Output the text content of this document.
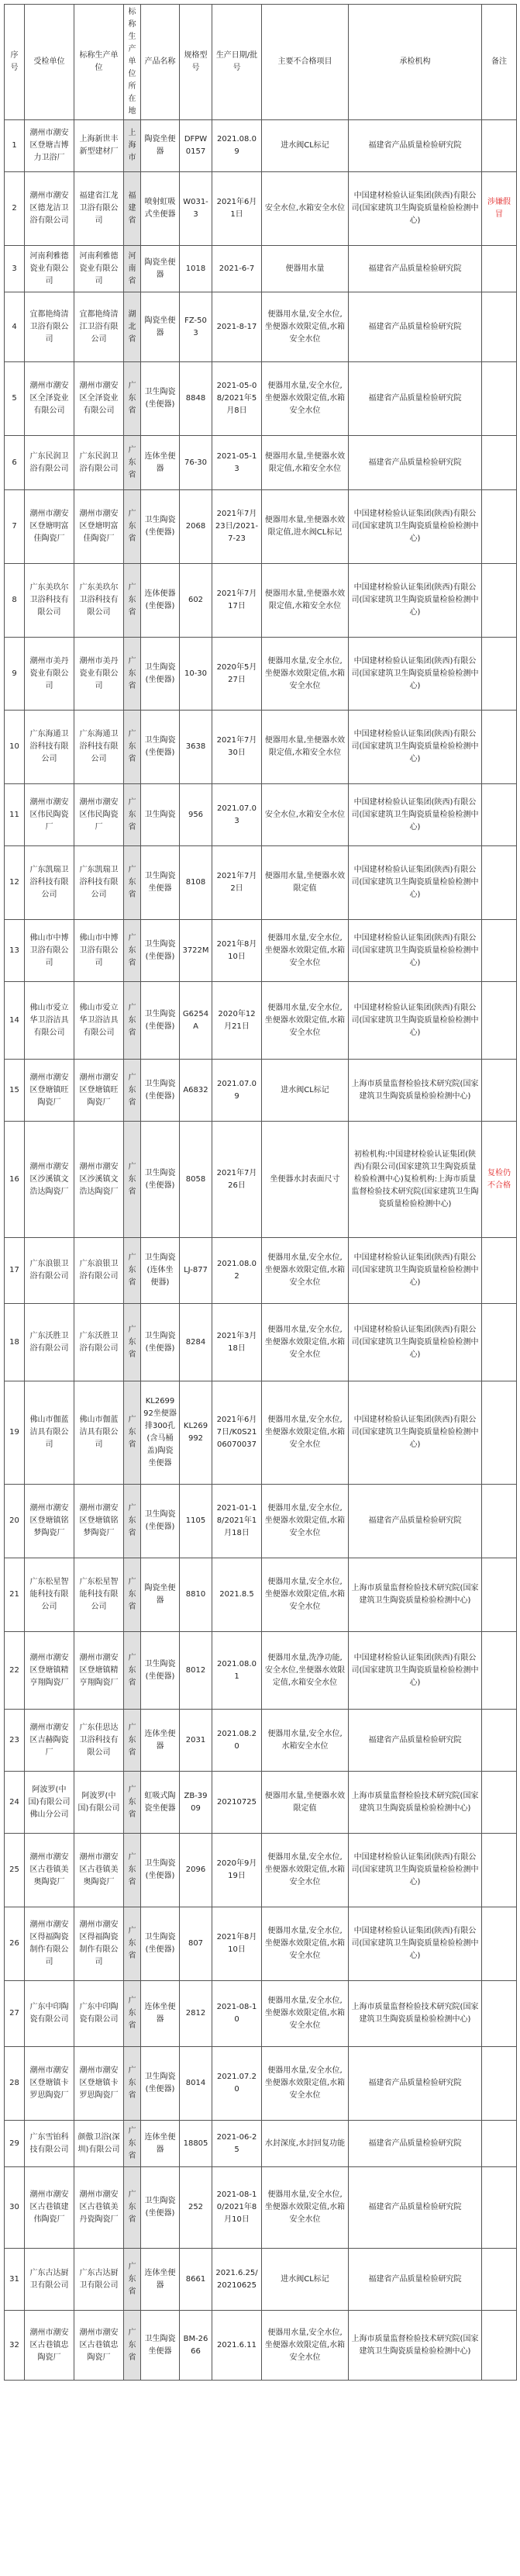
序号	受检单位	标称生产单位	标称生产单位所在地	产品名称	规格型号	生产日期/批号	主要不合格项目	承检机构	备注

1	潮州市潮安区登塘吉博力卫浴厂	上海新世丰新型建材厂	上海市	陶瓷坐便器	DFPW0157	2021.08.09	进水阀CL标记	福建省产品质量检验研究院	

2	潮州市潮安区德龙洁卫浴有限公司	福建省江龙卫浴有限公司	福建省	喷射虹吸式坐便器	W031-3	2021年6月1日	安全水位,水箱安全水位	中国建材检验认证集团(陕西)有限公司(国家建筑卫生陶瓷质量检验检测中心)	涉嫌假冒

3	河南利雅德瓷业有限公司	河南利雅德瓷业有限公司	河南省	陶瓷坐便器	1018	2021-6-7	便器用水量	福建省产品质量检验研究院	

4	宜都艳绮清卫浴有限公司	宜都艳绮清江卫浴有限公司	湖北省	陶瓷坐便器	FZ-503	2021-8-17	便器用水量,安全水位,坐便器水效限定值,水箱安全水位	福建省产品质量检验研究院	

5	潮州市潮安区全泽瓷业有限公司	潮州市潮安区全泽瓷业有限公司	广东省	卫生陶瓷(坐便器)	8848	2021-05-08/2021年5月8日	便器用水量,安全水位,坐便器水效限定值,水箱安全水位	福建省产品质量检验研究院	

6	广东民润卫浴有限公司	广东民润卫浴有限公司	广东省	连体坐便器	76-30	2021-05-13	便器用水量,坐便器水效限定值,水箱安全水位	福建省产品质量检验研究院	

7	潮州市潮安区登塘明富佳陶瓷厂	潮州市潮安区登塘明富佳陶瓷厂	广东省	卫生陶瓷(坐便器)	2068	2021年7月23日/2021-7-23	便器用水量,坐便器水效限定值,进水阀CL标记	中国建材检验认证集团(陕西)有限公司(国家建筑卫生陶瓷质量检验检测中心)	

8	广东美玖尔卫浴科技有限公司	广东美玖尔卫浴科技有限公司	广东省	连体便器(坐便器)	602	2021年7月17日	便器用水量,坐便器水效限定值,水箱安全水位	中国建材检验认证集团(陕西)有限公司(国家建筑卫生陶瓷质量检验检测中心)	

9	潮州市美丹瓷业有限公司	潮州市美丹瓷业有限公司	广东省	卫生陶瓷(坐便器)	10-30	2020年5月27日	便器用水量,安全水位,坐便器水效限定值,水箱安全水位	中国建材检验认证集团(陕西)有限公司(国家建筑卫生陶瓷质量检验检测中心)	

10	广东海通卫浴科技有限公司	广东海通卫浴科技有限公司	广东省	卫生陶瓷(坐便器)	3638	2021年7月30日	便器用水量,坐便器水效限定值,水箱安全水位	中国建材检验认证集团(陕西)有限公司(国家建筑卫生陶瓷质量检验检测中心)	

11	潮州市潮安区伟民陶瓷厂	潮州市潮安区伟民陶瓷厂	广东省	卫生陶瓷	956	2021.07.03	安全水位,水箱安全水位	中国建材检验认证集团(陕西)有限公司(国家建筑卫生陶瓷质量检验检测中心)	

12	广东凯瑞卫浴科技有限公司	广东凯瑞卫浴科技有限公司	广东省	卫生陶瓷坐便器	8108	2021年7月2日	便器用水量,坐便器水效限定值	中国建材检验认证集团(陕西)有限公司(国家建筑卫生陶瓷质量检验检测中心)	

13	佛山市中博卫浴有限公司	佛山市中博卫浴有限公司	广东省	卫生陶瓷(坐便器)	3722M	2021年8月10日	便器用水量,安全水位,坐便器水效限定值,水箱安全水位	中国建材检验认证集团(陕西)有限公司(国家建筑卫生陶瓷质量检验检测中心)	

14	佛山市爱立华卫浴洁具有限公司	佛山市爱立华卫浴洁具有限公司	广东省	卫生陶瓷(坐便器)	G6254A	2020年12月21日	便器用水量,安全水位,坐便器水效限定值,水箱安全水位	中国建材检验认证集团(陕西)有限公司(国家建筑卫生陶瓷质量检验检测中心)	

15	潮州市潮安区登塘镇旺陶瓷厂	潮州市潮安区登塘镇旺陶瓷厂	广东省	卫生陶瓷(坐便器)	A6832	2021.07.09	进水阀CL标记	上海市质量监督检验技术研究院(国家建筑卫生陶瓷质量检验检测中心)	

16	潮州市潮安区沙溪镇文浩达陶瓷厂	潮州市潮安区沙溪镇文浩达陶瓷厂	广东省	卫生陶瓷(坐便器)	8058	2021年7月26日	坐便器水封表面尺寸	初检机构:中国建材检验认证集团(陕西)有限公司(国家建筑卫生陶瓷质量检验检测中心)复检机构:上海市质量监督检验技术研究院(国家建筑卫生陶瓷质量检验检测中心)	复检仍不合格

17	广东浪银卫浴有限公司	广东浪银卫浴有限公司	广东省	卫生陶瓷(连体坐便器)	LJ-877	2021.08.02	便器用水量,安全水位,坐便器水效限定值,水箱安全水位	中国建材检验认证集团(陕西)有限公司(国家建筑卫生陶瓷质量检验检测中心)	

18	广东沃胜卫浴有限公司	广东沃胜卫浴有限公司	广东省	卫生陶瓷(坐便器)	8284	2021年3月18日	便器用水量,安全水位,坐便器水效限定值,水箱安全水位	中国建材检验认证集团(陕西)有限公司(国家建筑卫生陶瓷质量检验检测中心)	

19	佛山市伽蓝洁具有限公司	佛山市伽蓝洁具有限公司	广东省	KL269992坐便器排300孔(含马桶盖)陶瓷坐便器	KL269992	2021年6月7日/K0S2106070037	便器用水量,安全水位,坐便器水效限定值,水箱安全水位	中国建材检验认证集团(陕西)有限公司(国家建筑卫生陶瓷质量检验检测中心)	

20	潮州市潮安区登塘镇铭梦陶瓷厂	潮州市潮安区登塘镇铭梦陶瓷厂	广东省	卫生陶瓷(坐便器)	1105	2021-01-18/2021年1月18日	便器用水量,安全水位,坐便器水效限定值,水箱安全水位	福建省产品质量检验研究院	

21	广东松星智能科技有限公司	广东松星智能科技有限公司	广东省	陶瓷坐便器	8810	2021.8.5	便器用水量,安全水位,坐便器水效限定值,水箱安全水位	上海市质量监督检验技术研究院(国家建筑卫生陶瓷质量检验检测中心)	

22	潮州市潮安区登塘镇精亨翔陶瓷厂	潮州市潮安区登塘镇精亨翔陶瓷厂	广东省	卫生陶瓷(坐便器)	8012	2021.08.01	便器用水量,洗净功能,安全水位,坐便器水效限定值,水箱安全水位	中国建材检验认证集团(陕西)有限公司(国家建筑卫生陶瓷质量检验检测中心)	

23	潮州市潮安区吉赫陶瓷厂	广东佳思达卫浴科技有限公司	广东省	连体坐便器	2031	2021.08.20	便器用水量,安全水位,水箱安全水位	福建省产品质量检验研究院	

24	阿波罗(中国)有限公司佛山分公司	阿波罗(中国)有限公司	广东省	虹吸式陶瓷坐便器	ZB-3909	20210725	便器用水量,坐便器水效限定值	上海市质量监督检验技术研究院(国家建筑卫生陶瓷质量检验检测中心)	

25	潮州市潮安区古巷镇美奥陶瓷厂	潮州市潮安区古巷镇美奥陶瓷厂	广东省	卫生陶瓷(坐便器)	2096	2020年9月19日	便器用水量,安全水位,坐便器水效限定值,水箱安全水位	中国建材检验认证集团(陕西)有限公司(国家建筑卫生陶瓷质量检验检测中心)	

26	潮州市潮安区得福陶瓷制作有限公司	潮州市潮安区得福陶瓷制作有限公司	广东省	卫生陶瓷(坐便器)	807	2021年8月10日	便器用水量,安全水位,坐便器水效限定值,水箱安全水位	中国建材检验认证集团(陕西)有限公司(国家建筑卫生陶瓷质量检验检测中心)	

27	广东中印陶瓷有限公司	广东中印陶瓷有限公司	广东省	连体坐便器	2812	2021-08-10	便器用水量,安全水位,坐便器水效限定值,水箱安全水位	上海市质量监督检验技术研究院(国家建筑卫生陶瓷质量检验检测中心)	

28	潮州市潮安区登塘镇卡罗思陶瓷厂	潮州市潮安区登塘镇卡罗思陶瓷厂	广东省	卫生陶瓷(坐便器)	8014	2021.07.20	便器用水量,安全水位,坐便器水效限定值,水箱安全水位	福建省产品质量检验研究院	

29	广东雪铂科技有限公司	颜傲卫浴(深圳)有限公司	广东省	连体坐便器	18805	2021-06-25	水封深度,水封回复功能	福建省产品质量检验研究院	

30	潮州市潮安区古巷镇建伟陶瓷厂	潮州市潮安区古巷镇美丹瓷陶瓷厂	广东省	卫生陶瓷(坐便器)	252	2021-08-10/2021年8月10日	便器用水量,安全水位,坐便器水效限定值,水箱安全水位	福建省产品质量检验研究院	

31	广东古达厨卫有限公司	广东古达厨卫有限公司	广东省	连体坐便器	8661	2021.6.25/20210625	进水阀CL标记	福建省产品质量检验研究院	

32	潮州市潮安区古巷镇忠陶瓷厂	潮州市潮安区古巷镇忠陶瓷厂	广东省	卫生陶瓷坐便器	BM-2666	2021.6.11	便器用水量,安全水位,坐便器水效限定值,水箱安全水位	上海市质量监督检验技术研究院(国家建筑卫生陶瓷质量检验检测中心)	
